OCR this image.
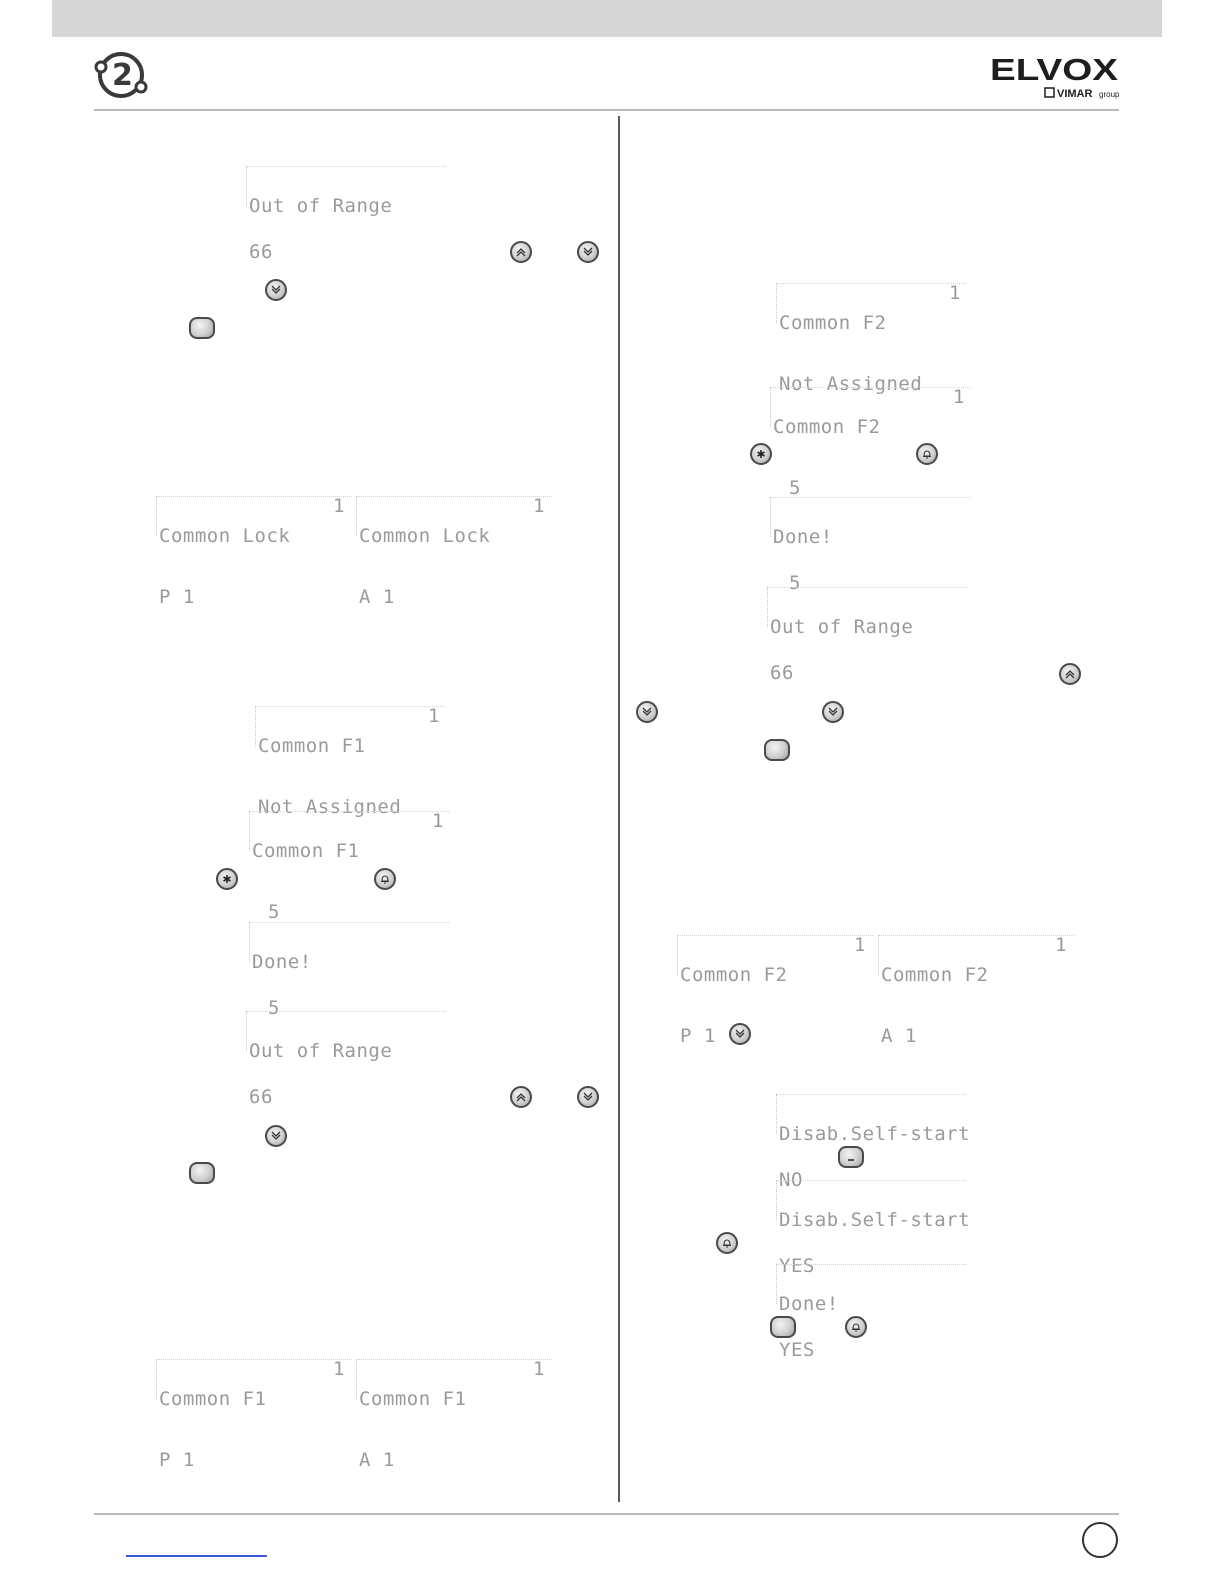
2	ELVOX
VIMAR group

Out of Range

66

Common Lock

1

P 1

Common Lock

1

A 1

Common F1

1

Not Assigned

Common F1

1

5

Done!

5

Out of Range

66

Common F1

1

P 1

Common F1

1

A 1

Common F2

1

Not Assigned

Common F2

1

5

Done!

5

Out of Range

66

Common F2

1

P 1

Common F2

1

A 1

Disab.Self-start

NO

Disab.Self-start

YES

Done!

YES
